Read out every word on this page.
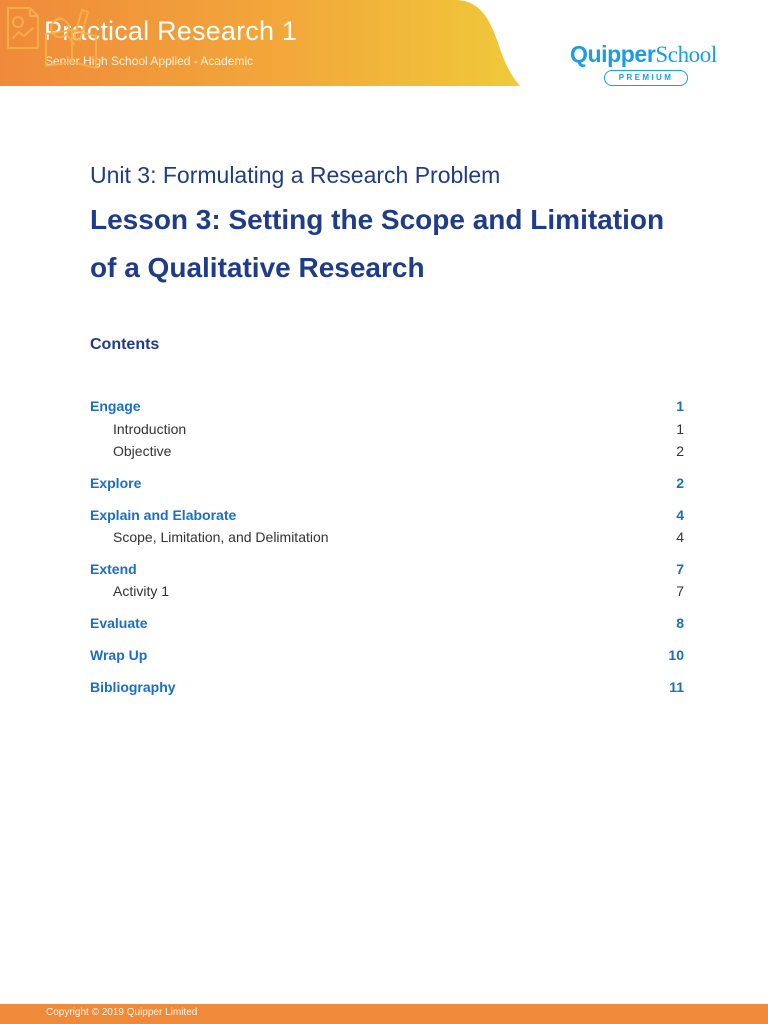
Practical Research 1
Senior High School Applied - Academic	QuipperSchool
PREMIUM
Unit 3: Formulating a Research Problem
Lesson 3: Setting the Scope and Limitation of a Qualitative Research
Contents
Engage	1
Introduction	1
Objective	2
Explore	2
Explain and Elaborate	4
Scope, Limitation, and Delimitation	4
Extend	7
Activity 1	7
Evaluate	8
Wrap Up	10
Bibliography	11
Copyright © 2019 Quipper Limited
